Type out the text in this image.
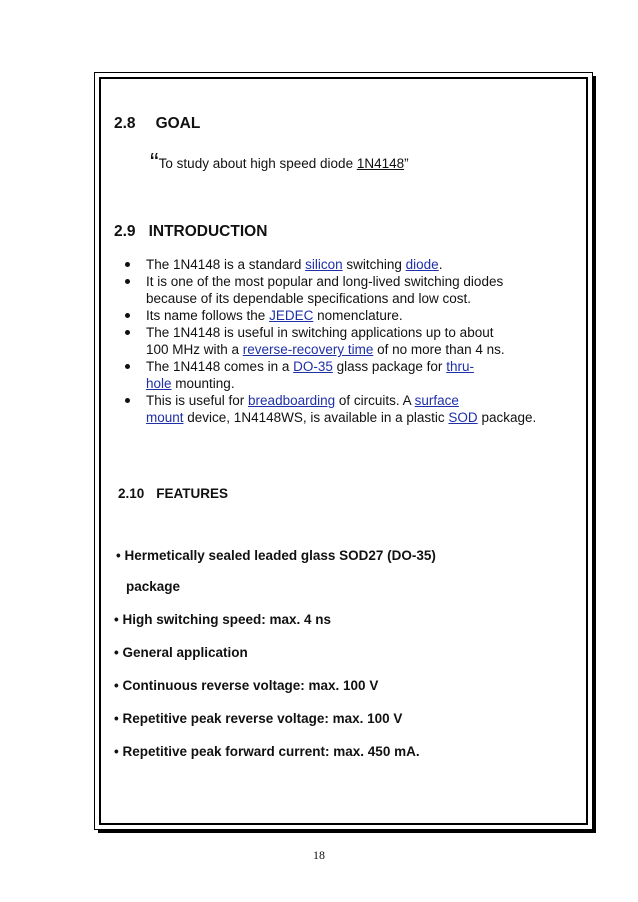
2.8 GOAL
“To study about high speed diode 1N4148”
2.9 INTRODUCTION
The 1N4148 is a standard silicon switching diode.
It is one of the most popular and long-lived switching diodes
because of its dependable specifications and low cost.
Its name follows the JEDEC nomenclature.
The 1N4148 is useful in switching applications up to about
100 MHz with a reverse-recovery time of no more than 4 ns.
The 1N4148 comes in a DO-35 glass package for thru-
hole mounting.
This is useful for breadboarding of circuits. A surface
mount device, 1N4148WS, is available in a plastic SOD package.
2.10 FEATURES
• Hermetically sealed leaded glass SOD27 (DO-35)
package
• High switching speed: max. 4 ns
• General application
• Continuous reverse voltage: max. 100 V
• Repetitive peak reverse voltage: max. 100 V
• Repetitive peak forward current: max. 450 mA.
18
